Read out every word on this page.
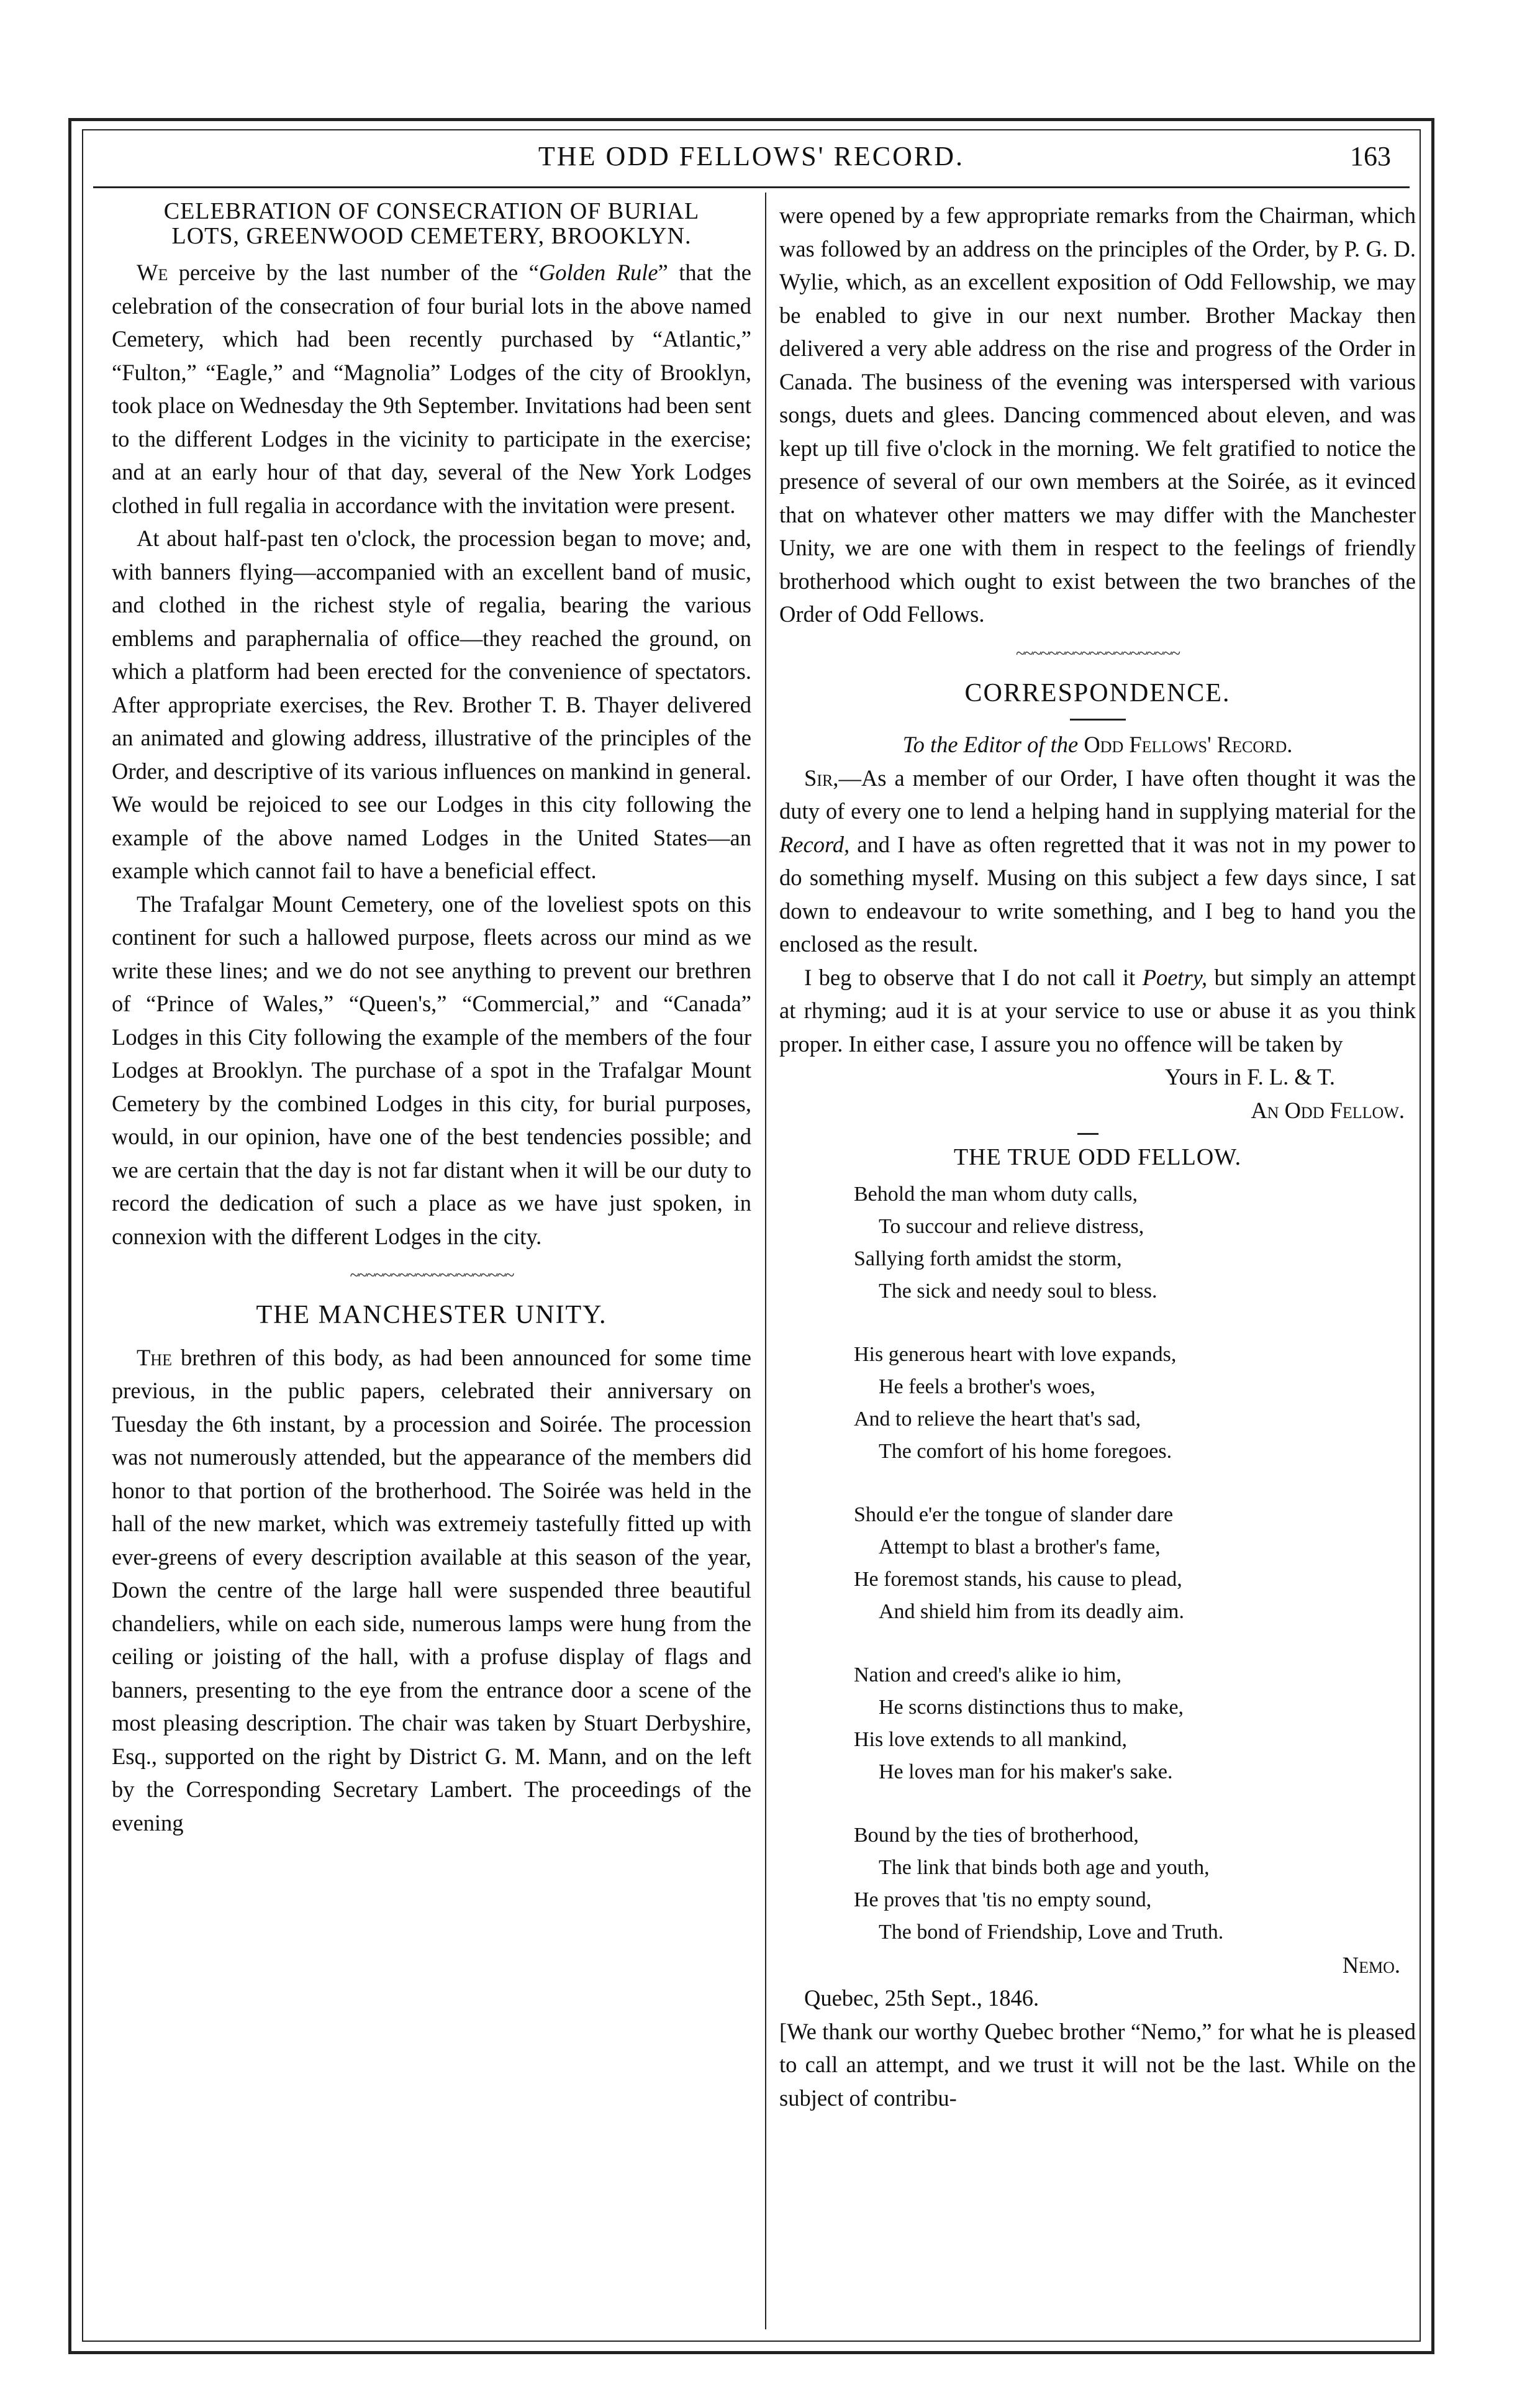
THE ODD FELLOWS' RECORD.	163
CELEBRATION OF CONSECRATION OF BURIAL
LOTS, GREENWOOD CEMETERY, BROOKLYN.

We perceive by the last number of the “Golden Rule” that the celebration of the consecration of four burial lots in the above named Cemetery, which had been recently purchased by “Atlantic,” “Fulton,” “Eagle,” and “Magnolia” Lodges of the city of Brooklyn, took place on Wednesday the 9th September. Invitations had been sent to the different Lodges in the vicinity to participate in the exercise; and at an early hour of that day, several of the New York Lodges clothed in full regalia in accordance with the invitation were present.

At about half-past ten o'clock, the procession began to move; and, with banners flying—accompanied with an excellent band of music, and clothed in the richest style of regalia, bearing the various emblems and paraphernalia of office—they reached the ground, on which a platform had been erected for the convenience of spectators. After appropriate exercises, the Rev. Brother T. B. Thayer delivered an animated and glowing address, illustrative of the principles of the Order, and descriptive of its various influences on mankind in general. We would be rejoiced to see our Lodges in this city following the example of the above named Lodges in the United States—an example which cannot fail to have a beneficial effect.

The Trafalgar Mount Cemetery, one of the loveliest spots on this continent for such a hallowed purpose, fleets across our mind as we write these lines; and we do not see anything to prevent our brethren of “Prince of Wales,” “Queen's,” “Commercial,” and “Canada” Lodges in this City following the example of the members of the four Lodges at Brooklyn. The purchase of a spot in the Trafalgar Mount Cemetery by the combined Lodges in this city, for burial purposes, would, in our opinion, have one of the best tendencies possible; and we are certain that the day is not far distant when it will be our duty to record the dedication of such a place as we have just spoken, in connexion with the different Lodges in the city.

~~~~~~~~~~~~~~~~~~~~
THE MANCHESTER UNITY.

The brethren of this body, as had been announced for some time previous, in the public papers, celebrated their anniversary on Tuesday the 6th instant, by a procession and Soirée. The procession was not numerously attended, but the appearance of the members did honor to that portion of the brotherhood. The Soirée was held in the hall of the new market, which was extremeiy tastefully fitted up with ever-greens of every description available at this season of the year, Down the centre of the large hall were suspended three beautiful chandeliers, while on each side, numerous lamps were hung from the ceiling or joisting of the hall, with a profuse display of flags and banners, presenting to the eye from the entrance door a scene of the most pleasing description. The chair was taken by Stuart Derbyshire, Esq., supported on the right by District G. M. Mann, and on the left by the Corresponding Secretary Lambert. The proceedings of the evening

were opened by a few appropriate remarks from the Chairman, which was followed by an address on the principles of the Order, by P. G. D. Wylie, which, as an excellent exposition of Odd Fellowship, we may be enabled to give in our next number. Brother Mackay then delivered a very able address on the rise and progress of the Order in Canada. The business of the evening was interspersed with various songs, duets and glees. Dancing commenced about eleven, and was kept up till five o'clock in the morning. We felt gratified to notice the presence of several of our own members at the Soirée, as it evinced that on whatever other matters we may differ with the Manchester Unity, we are one with them in respect to the feelings of friendly brotherhood which ought to exist between the two branches of the Order of Odd Fellows.

~~~~~~~~~~~~~~~~~~~~
CORRESPONDENCE.

To the Editor of the Odd Fellows' Record.

Sir,—As a member of our Order, I have often thought it was the duty of every one to lend a helping hand in supplying material for the Record, and I have as often regretted that it was not in my power to do something myself. Musing on this subject a few days since, I sat down to endeavour to write something, and I beg to hand you the enclosed as the result.

I beg to observe that I do not call it Poetry, but simply an attempt at rhyming; aud it is at your service to use or abuse it as you think proper. In either case, I assure you no offence will be taken by

Yours in F. L. & T.
An Odd Fellow.
THE TRUE ODD FELLOW.
Behold the man whom duty calls,
To succour and relieve distress,
Sallying forth amidst the storm,
The sick and needy soul to bless.
His generous heart with love expands,
He feels a brother's woes,
And to relieve the heart that's sad,
The comfort of his home foregoes.
Should e'er the tongue of slander dare
Attempt to blast a brother's fame,
He foremost stands, his cause to plead,
And shield him from its deadly aim.
Nation and creed's alike io him,
He scorns distinctions thus to make,
His love extends to all mankind,
He loves man for his maker's sake.
Bound by the ties of brotherhood,
The link that binds both age and youth,
He proves that 'tis no empty sound,
The bond of Friendship, Love and Truth.
Nemo.

Quebec, 25th Sept., 1846.

[We thank our worthy Quebec brother “Nemo,” for what he is pleased to call an attempt, and we trust it will not be the last. While on the subject of contribu-
